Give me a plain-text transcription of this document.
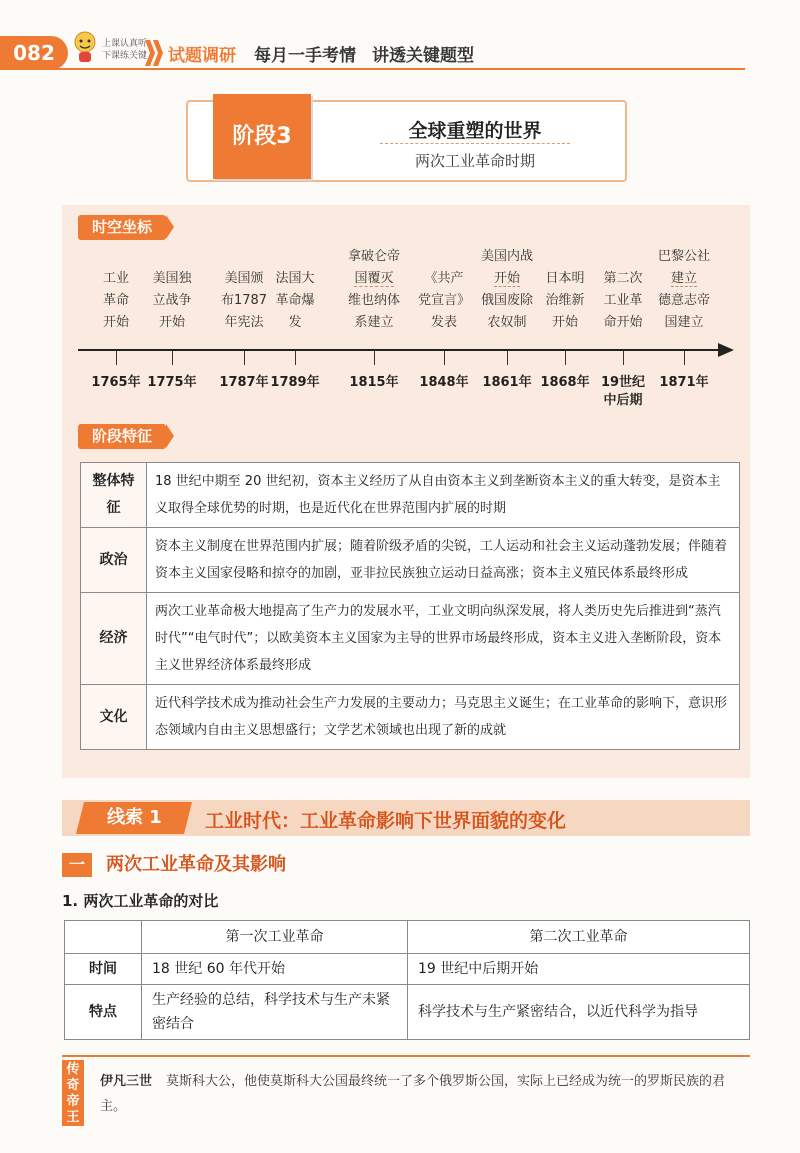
082	上课认真听
下课练关键 试题调研 每月一手考情 讲透关键题型
阶段3	全球重塑的世界
两次工业革命时期
时空坐标
工业
革命
开始
1765年
美国独
立战争
开始
1775年
美国颁
布1787
年宪法
1787年
法国大
革命爆
发
1789年
拿破仑帝
国覆灭
维也纳体
系建立
1815年
《共产
党宣言》
发表
1848年
美国内战
开始
俄国废除
农奴制
1861年
日本明
治维新
开始
1868年
第二次
工业革
命开始
19世纪
中后期
巴黎公社
建立
德意志帝
国建立
1871年
阶段特征
整体特征	18 世纪中期至 20 世纪初，资本主义经历了从自由资本主义到垄断资本主义的重大转变，是资本主义取得全球优势的时期，也是近代化在世界范围内扩展的时期
政治	资本主义制度在世界范围内扩展；随着阶级矛盾的尖锐，工人运动和社会主义运动蓬勃发展；伴随着资本主义国家侵略和掠夺的加剧，亚非拉民族独立运动日益高涨；资本主义殖民体系最终形成
经济	两次工业革命极大地提高了生产力的发展水平，工业文明向纵深发展，将人类历史先后推进到“蒸汽时代”“电气时代”；以欧美资本主义国家为主导的世界市场最终形成，资本主义进入垄断阶段，资本主义世界经济体系最终形成
文化	近代科学技术成为推动社会生产力发展的主要动力；马克思主义诞生；在工业革命的影响下，意识形态领域内自由主义思想盛行；文学艺术领域也出现了新的成就
线索 1	工业时代：工业革命影响下世界面貌的变化
一	两次工业革命及其影响
1. 两次工业革命的对比
	第一次工业革命	第二次工业革命
时间	18 世纪 60 年代开始	19 世纪中后期开始
特点	生产经验的总结，科学技术与生产未紧密结合	科学技术与生产紧密结合，以近代科学为指导
传奇帝王
伊凡三世 莫斯科大公，他使莫斯科大公国最终统一了多个俄罗斯公国，实际上已经成为统一的罗斯民族的君主。
